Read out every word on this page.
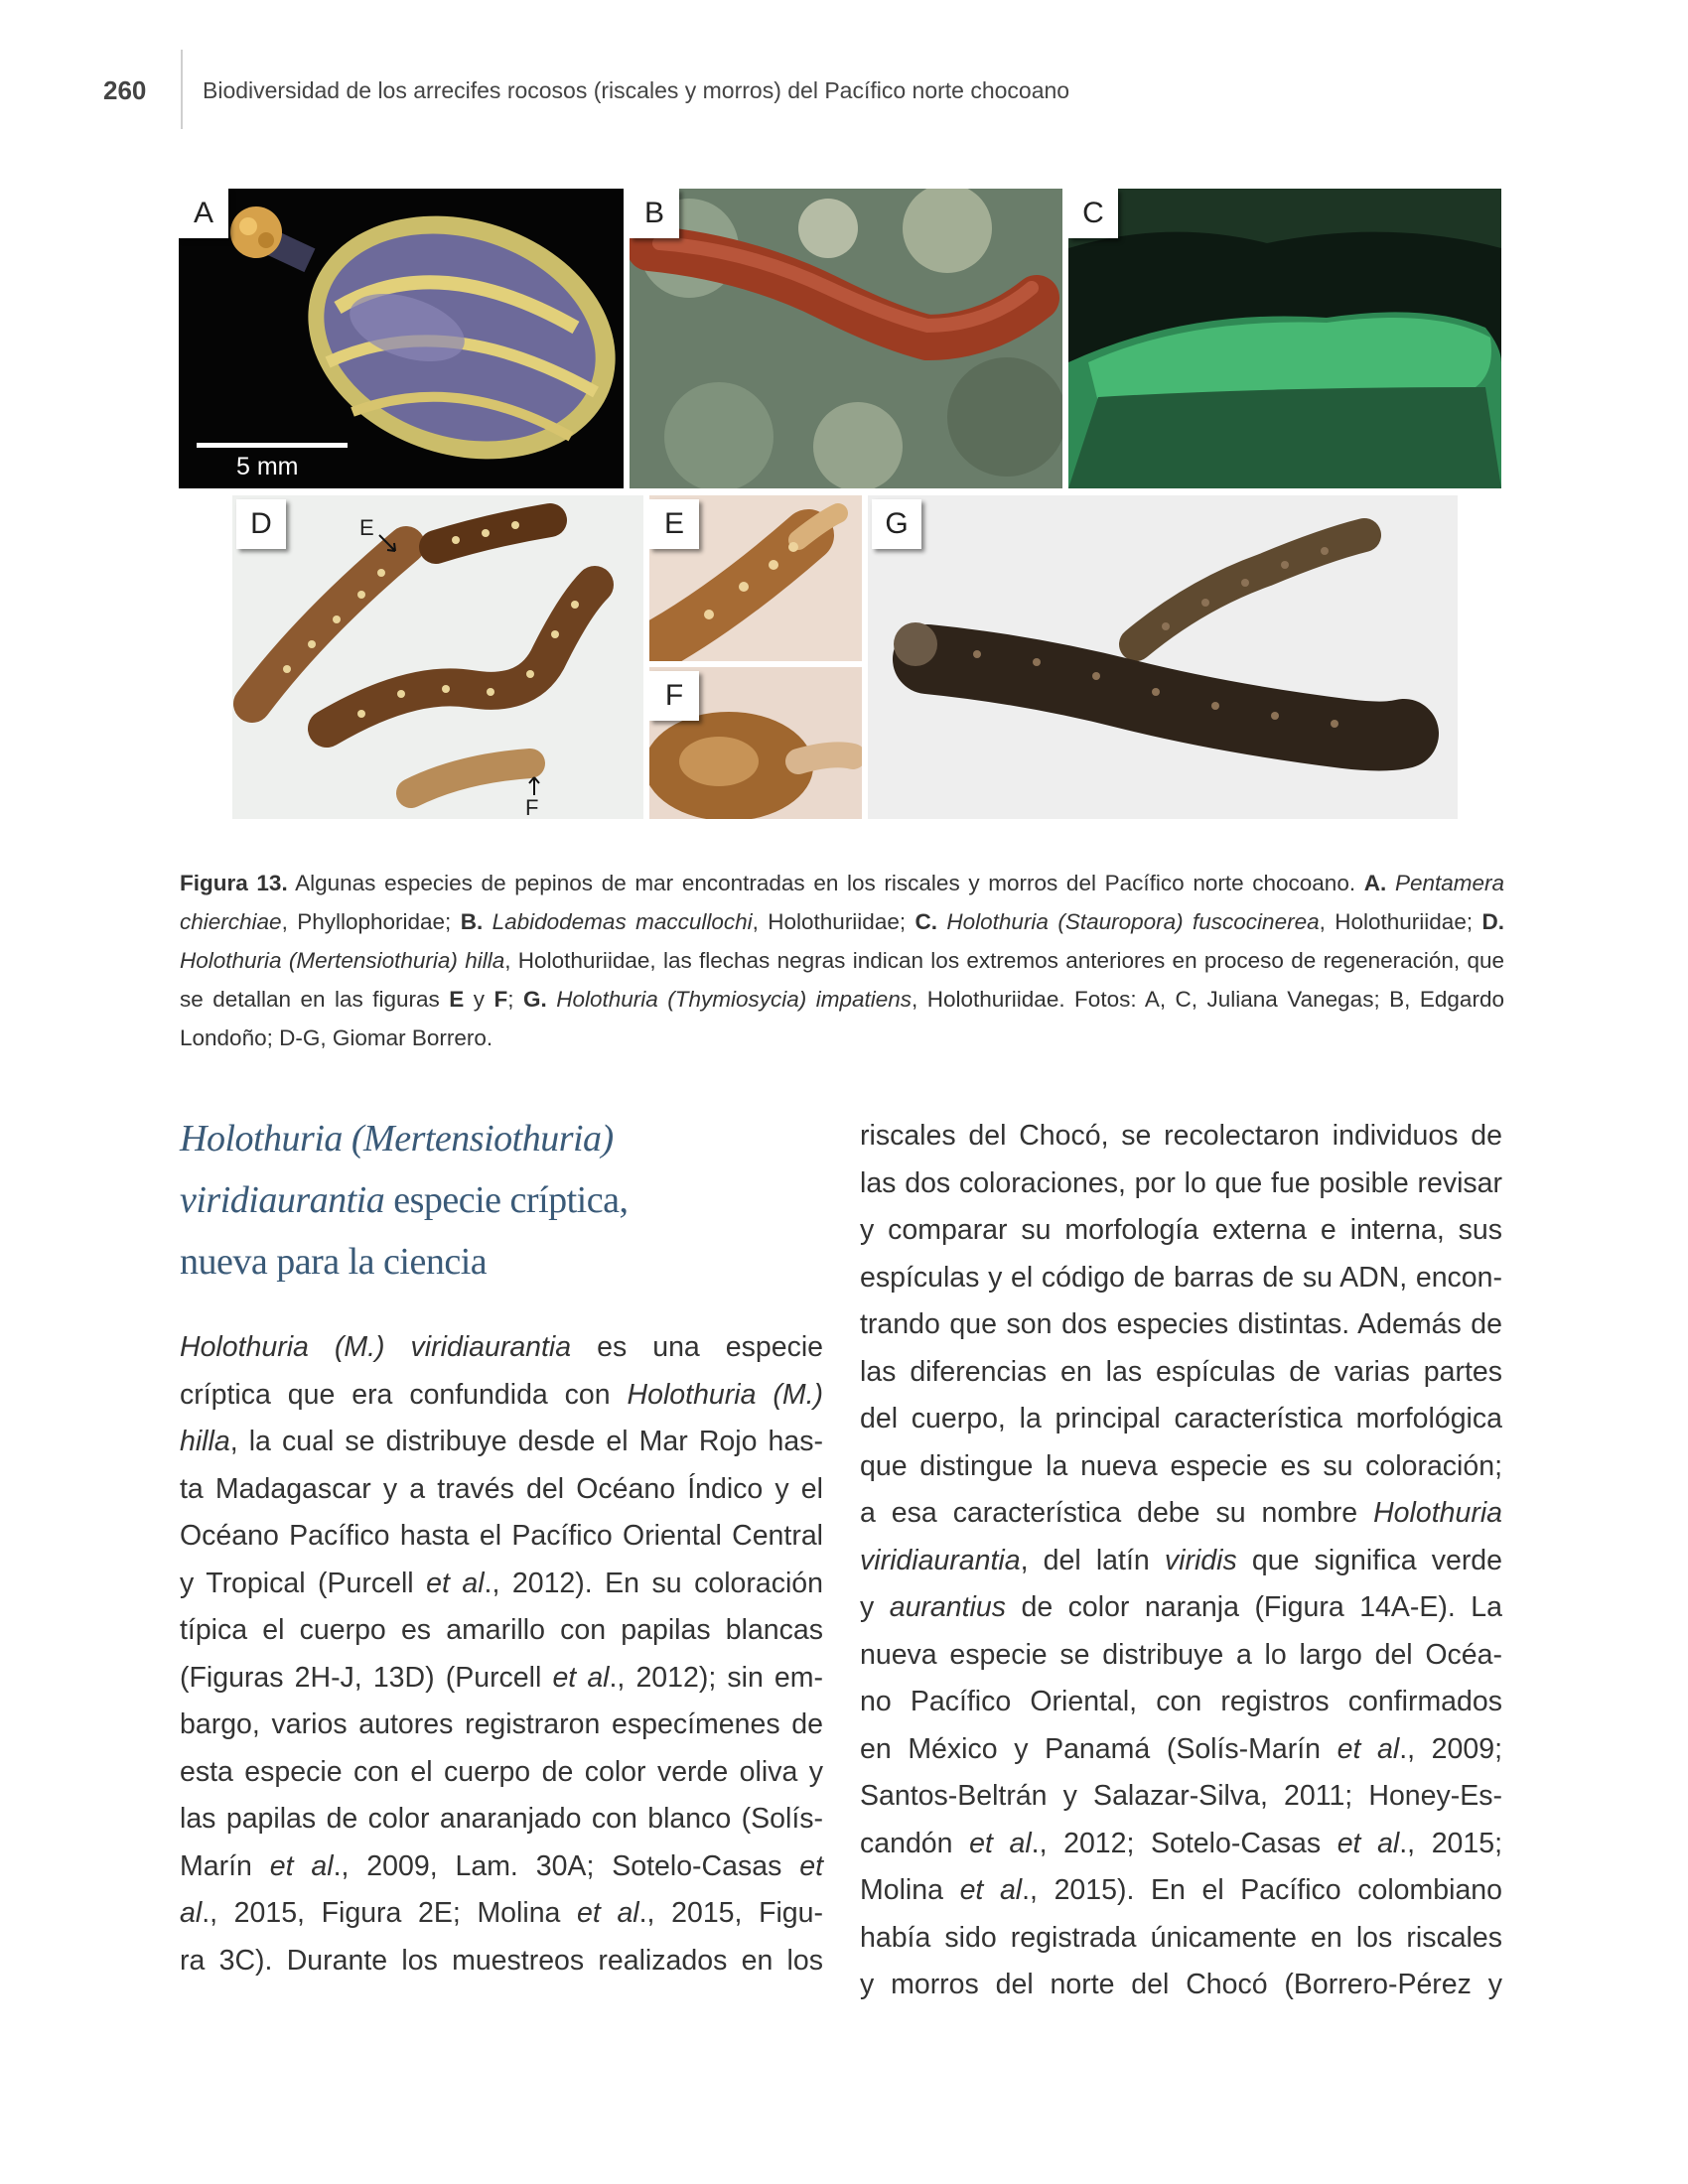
260 Biodiversidad de los arrecifes rocosos (riscales y morros) del Pacífico norte chocoano
A
5 mm
B	C
D	E
F
E
F
G
Figura 13. Algunas especies de pepinos de mar encontradas en los riscales y morros del Pacífico norte chocoano. A. Pentamera chierchiae, Phyllophoridae; B. Labidodemas maccullochi, Holothuriidae; C. Holothuria (Stauropora) fuscocinerea, Holothuriidae; D. Holothuria (Mertensiothuria) hilla, Holothuriidae, las flechas negras indican los extremos anteriores en proceso de regeneración, que se detallan en las figuras E y F; G. Holothuria (Thymiosycia) impatiens, Holothuriidae. Fotos: A, C, Juliana Vanegas; B, Edgardo Londoño; D-G, Giomar Borrero.
Holothuria (Mertensiothuria)
viridiaurantia especie críptica,
nueva para la ciencia
Holothuria (M.) viridiaurantia es una especie
críptica que era confundida con Holothuria (M.)
hilla, la cual se distribuye desde el Mar Rojo has-
ta Madagascar y a través del Océano Índico y el
Océano Pacífico hasta el Pacífico Oriental Central
y Tropical (Purcell et al., 2012). En su coloración
típica el cuerpo es amarillo con papilas blancas
(Figuras 2H-J, 13D) (Purcell et al., 2012); sin em-
bargo, varios autores registraron especímenes de
esta especie con el cuerpo de color verde oliva y
las papilas de color anaranjado con blanco (Solís-
Marín et al., 2009, Lam. 30A; Sotelo-Casas et
al., 2015, Figura 2E; Molina et al., 2015, Figu-
ra 3C). Durante los muestreos realizados en los
riscales del Chocó, se recolectaron individuos de
las dos coloraciones, por lo que fue posible revisar
y comparar su morfología externa e interna, sus
espículas y el código de barras de su ADN, encon-
trando que son dos especies distintas. Además de
las diferencias en las espículas de varias partes
del cuerpo, la principal característica morfológica
que distingue la nueva especie es su coloración;
a esa característica debe su nombre Holothuria
viridiaurantia, del latín viridis que significa verde
y aurantius de color naranja (Figura 14A-E). La
nueva especie se distribuye a lo largo del Océa-
no Pacífico Oriental, con registros confirmados
en México y Panamá (Solís-Marín et al., 2009;
Santos-Beltrán y Salazar-Silva, 2011; Honey-Es-
candón et al., 2012; Sotelo-Casas et al., 2015;
Molina et al., 2015). En el Pacífico colombiano
había sido registrada únicamente en los riscales
y morros del norte del Chocó (Borrero-Pérez y
